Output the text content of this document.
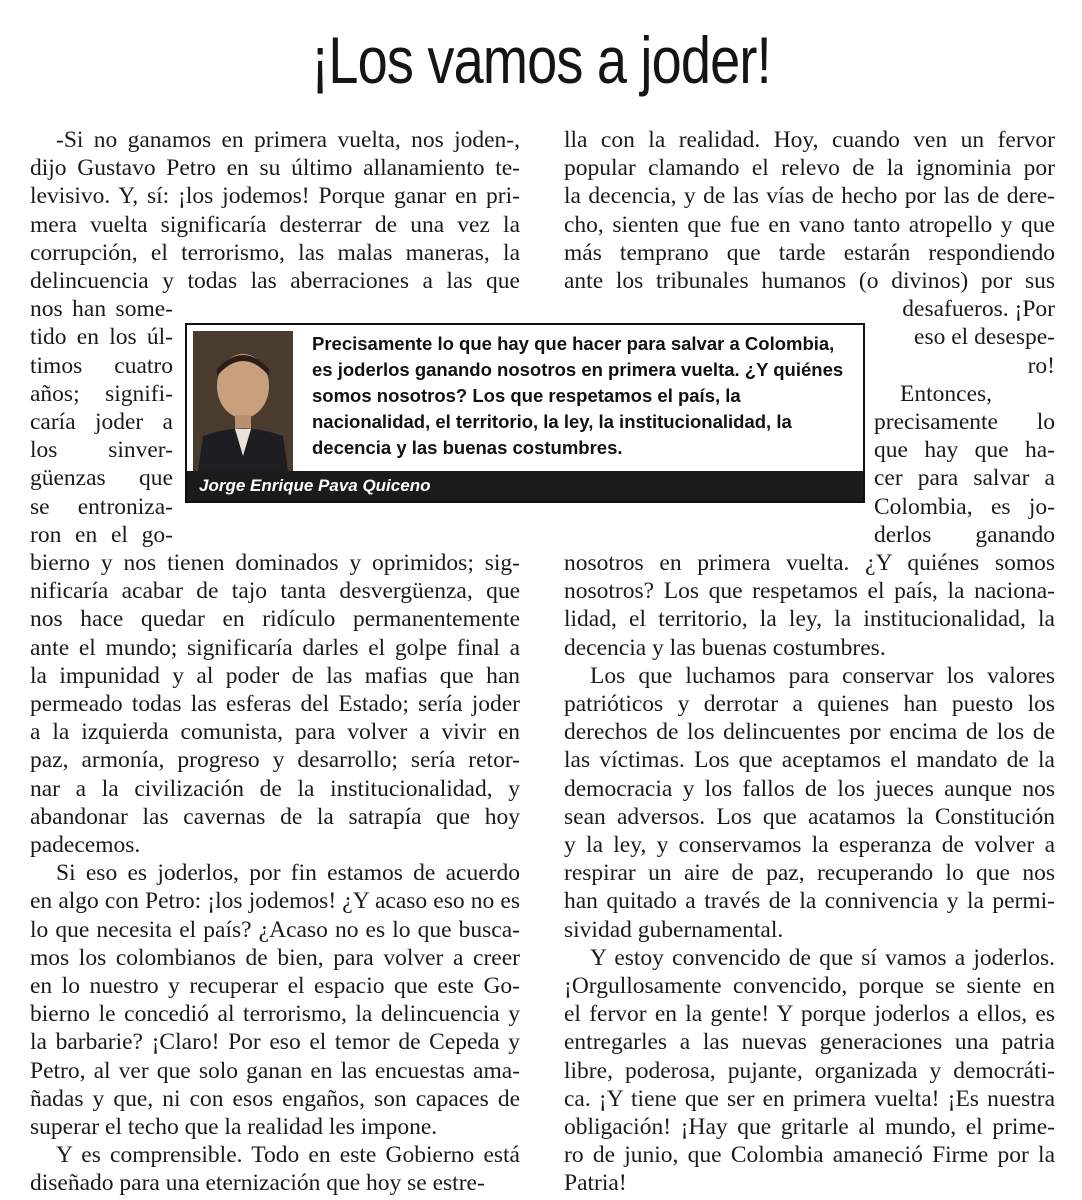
¡Los vamos a joder!
-Si no ganamos en primera vuelta, nos joden-,
dijo Gustavo Petro en su último allanamiento te-
levisivo. Y, sí: ¡los jodemos! Porque ganar en pri-
mera vuelta significaría desterrar de una vez la
corrupción, el terrorismo, las malas maneras, la
delincuencia y todas las aberraciones a las que
nos han some-
tido en los úl-
timos cuatro
años; signifi-
caría joder a
los sinver-
güenzas que
se entroniza-
ron en el go-
bierno y nos tienen dominados y oprimidos; sig-
nificaría acabar de tajo tanta desvergüenza, que
nos hace quedar en ridículo permanentemente
ante el mundo; significaría darles el golpe final a
la impunidad y al poder de las mafias que han
permeado todas las esferas del Estado; sería joder
a la izquierda comunista, para volver a vivir en
paz, armonía, progreso y desarrollo; sería retor-
nar a la civilización de la institucionalidad, y
abandonar las cavernas de la satrapía que hoy
padecemos.
Si eso es joderlos, por fin estamos de acuerdo
en algo con Petro: ¡los jodemos! ¿Y acaso eso no es
lo que necesita el país? ¿Acaso no es lo que busca-
mos los colombianos de bien, para volver a creer
en lo nuestro y recuperar el espacio que este Go-
bierno le concedió al terrorismo, la delincuencia y
la barbarie? ¡Claro! Por eso el temor de Cepeda y
Petro, al ver que solo ganan en las encuestas ama-
ñadas y que, ni con esos engaños, son capaces de
superar el techo que la realidad les impone.
Y es comprensible. Todo en este Gobierno está
diseñado para una eternización que hoy se estre-
lla con la realidad. Hoy, cuando ven un fervor
popular clamando el relevo de la ignominia por
la decencia, y de las vías de hecho por las de dere-
cho, sienten que fue en vano tanto atropello y que
más temprano que tarde estarán respondiendo
ante los tribunales humanos (o divinos) por sus
desafueros. ¡Por
eso el desespe-
ro!
Entonces,
precisamente lo
que hay que ha-
cer para salvar a
Colombia, es jo-
derlos ganando
nosotros en primera vuelta. ¿Y quiénes somos
nosotros? Los que respetamos el país, la naciona-
lidad, el territorio, la ley, la institucionalidad, la
decencia y las buenas costumbres.
Los que luchamos para conservar los valores
patrióticos y derrotar a quienes han puesto los
derechos de los delincuentes por encima de los de
las víctimas. Los que aceptamos el mandato de la
democracia y los fallos de los jueces aunque nos
sean adversos. Los que acatamos la Constitución
y la ley, y conservamos la esperanza de volver a
respirar un aire de paz, recuperando lo que nos
han quitado a través de la connivencia y la permi-
sividad gubernamental.
Y estoy convencido de que sí vamos a joderlos.
¡Orgullosamente convencido, porque se siente en
el fervor en la gente! Y porque joderlos a ellos, es
entregarles a las nuevas generaciones una patria
libre, poderosa, pujante, organizada y democráti-
ca. ¡Y tiene que ser en primera vuelta! ¡Es nuestra
obligación! ¡Hay que gritarle al mundo, el prime-
ro de junio, que Colombia amaneció Firme por la
Patria!
Precisamente lo que hay que hacer para salvar a Colombia, es joderlos ganando nosotros en primera vuelta. ¿Y quiénes somos nosotros? Los que respetamos el país, la nacionalidad, el territorio, la ley, la institucionalidad, la decencia y las buenas costumbres.
Jorge Enrique Pava Quiceno
